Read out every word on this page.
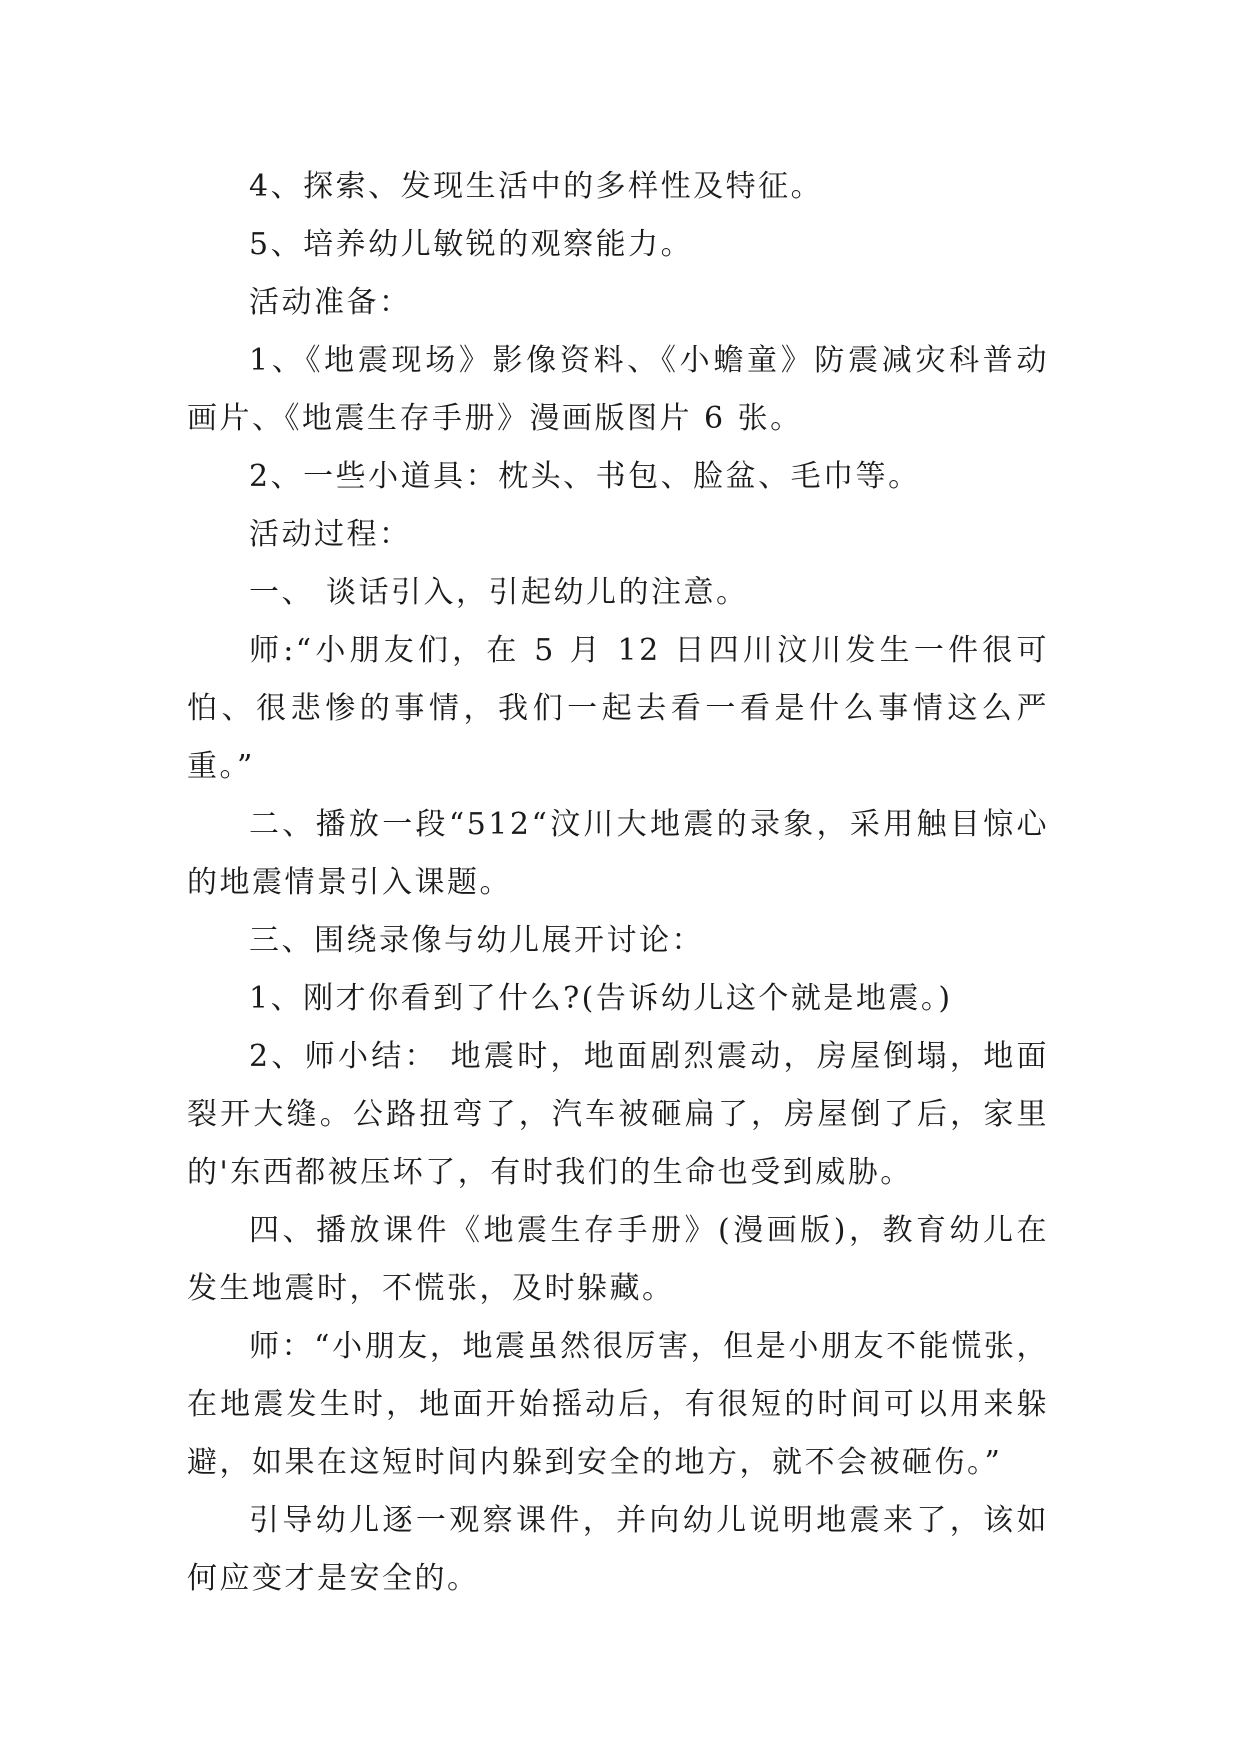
4、探索、发现生活中的多样性及特征。

5、培养幼儿敏锐的观察能力。

活动准备：

1、《地震现场》影像资料、《小蟾童》防震减灾科普动画片、《地震生存手册》漫画版图片 6 张。

2、一些小道具：枕头、书包、脸盆、毛巾等。

活动过程：

一、 谈话引入，引起幼儿的注意。

师:“小朋友们，在 5 月 12 日四川汶川发生一件很可怕、很悲惨的事情，我们一起去看一看是什么事情这么严重。”

二、播放一段“512“汶川大地震的录象，采用触目惊心的地震情景引入课题。

三、围绕录像与幼儿展开讨论：

1、刚才你看到了什么?(告诉幼儿这个就是地震。)

2、师小结： 地震时，地面剧烈震动，房屋倒塌，地面裂开大缝。公路扭弯了，汽车被砸扁了，房屋倒了后，家里的'东西都被压坏了，有时我们的生命也受到威胁。

四、播放课件《地震生存手册》(漫画版)，教育幼儿在发生地震时，不慌张，及时躲藏。

师：“小朋友，地震虽然很厉害，但是小朋友不能慌张，在地震发生时，地面开始摇动后，有很短的时间可以用来躲避，如果在这短时间内躲到安全的地方，就不会被砸伤。”

引导幼儿逐一观察课件，并向幼儿说明地震来了，该如何应变才是安全的。
